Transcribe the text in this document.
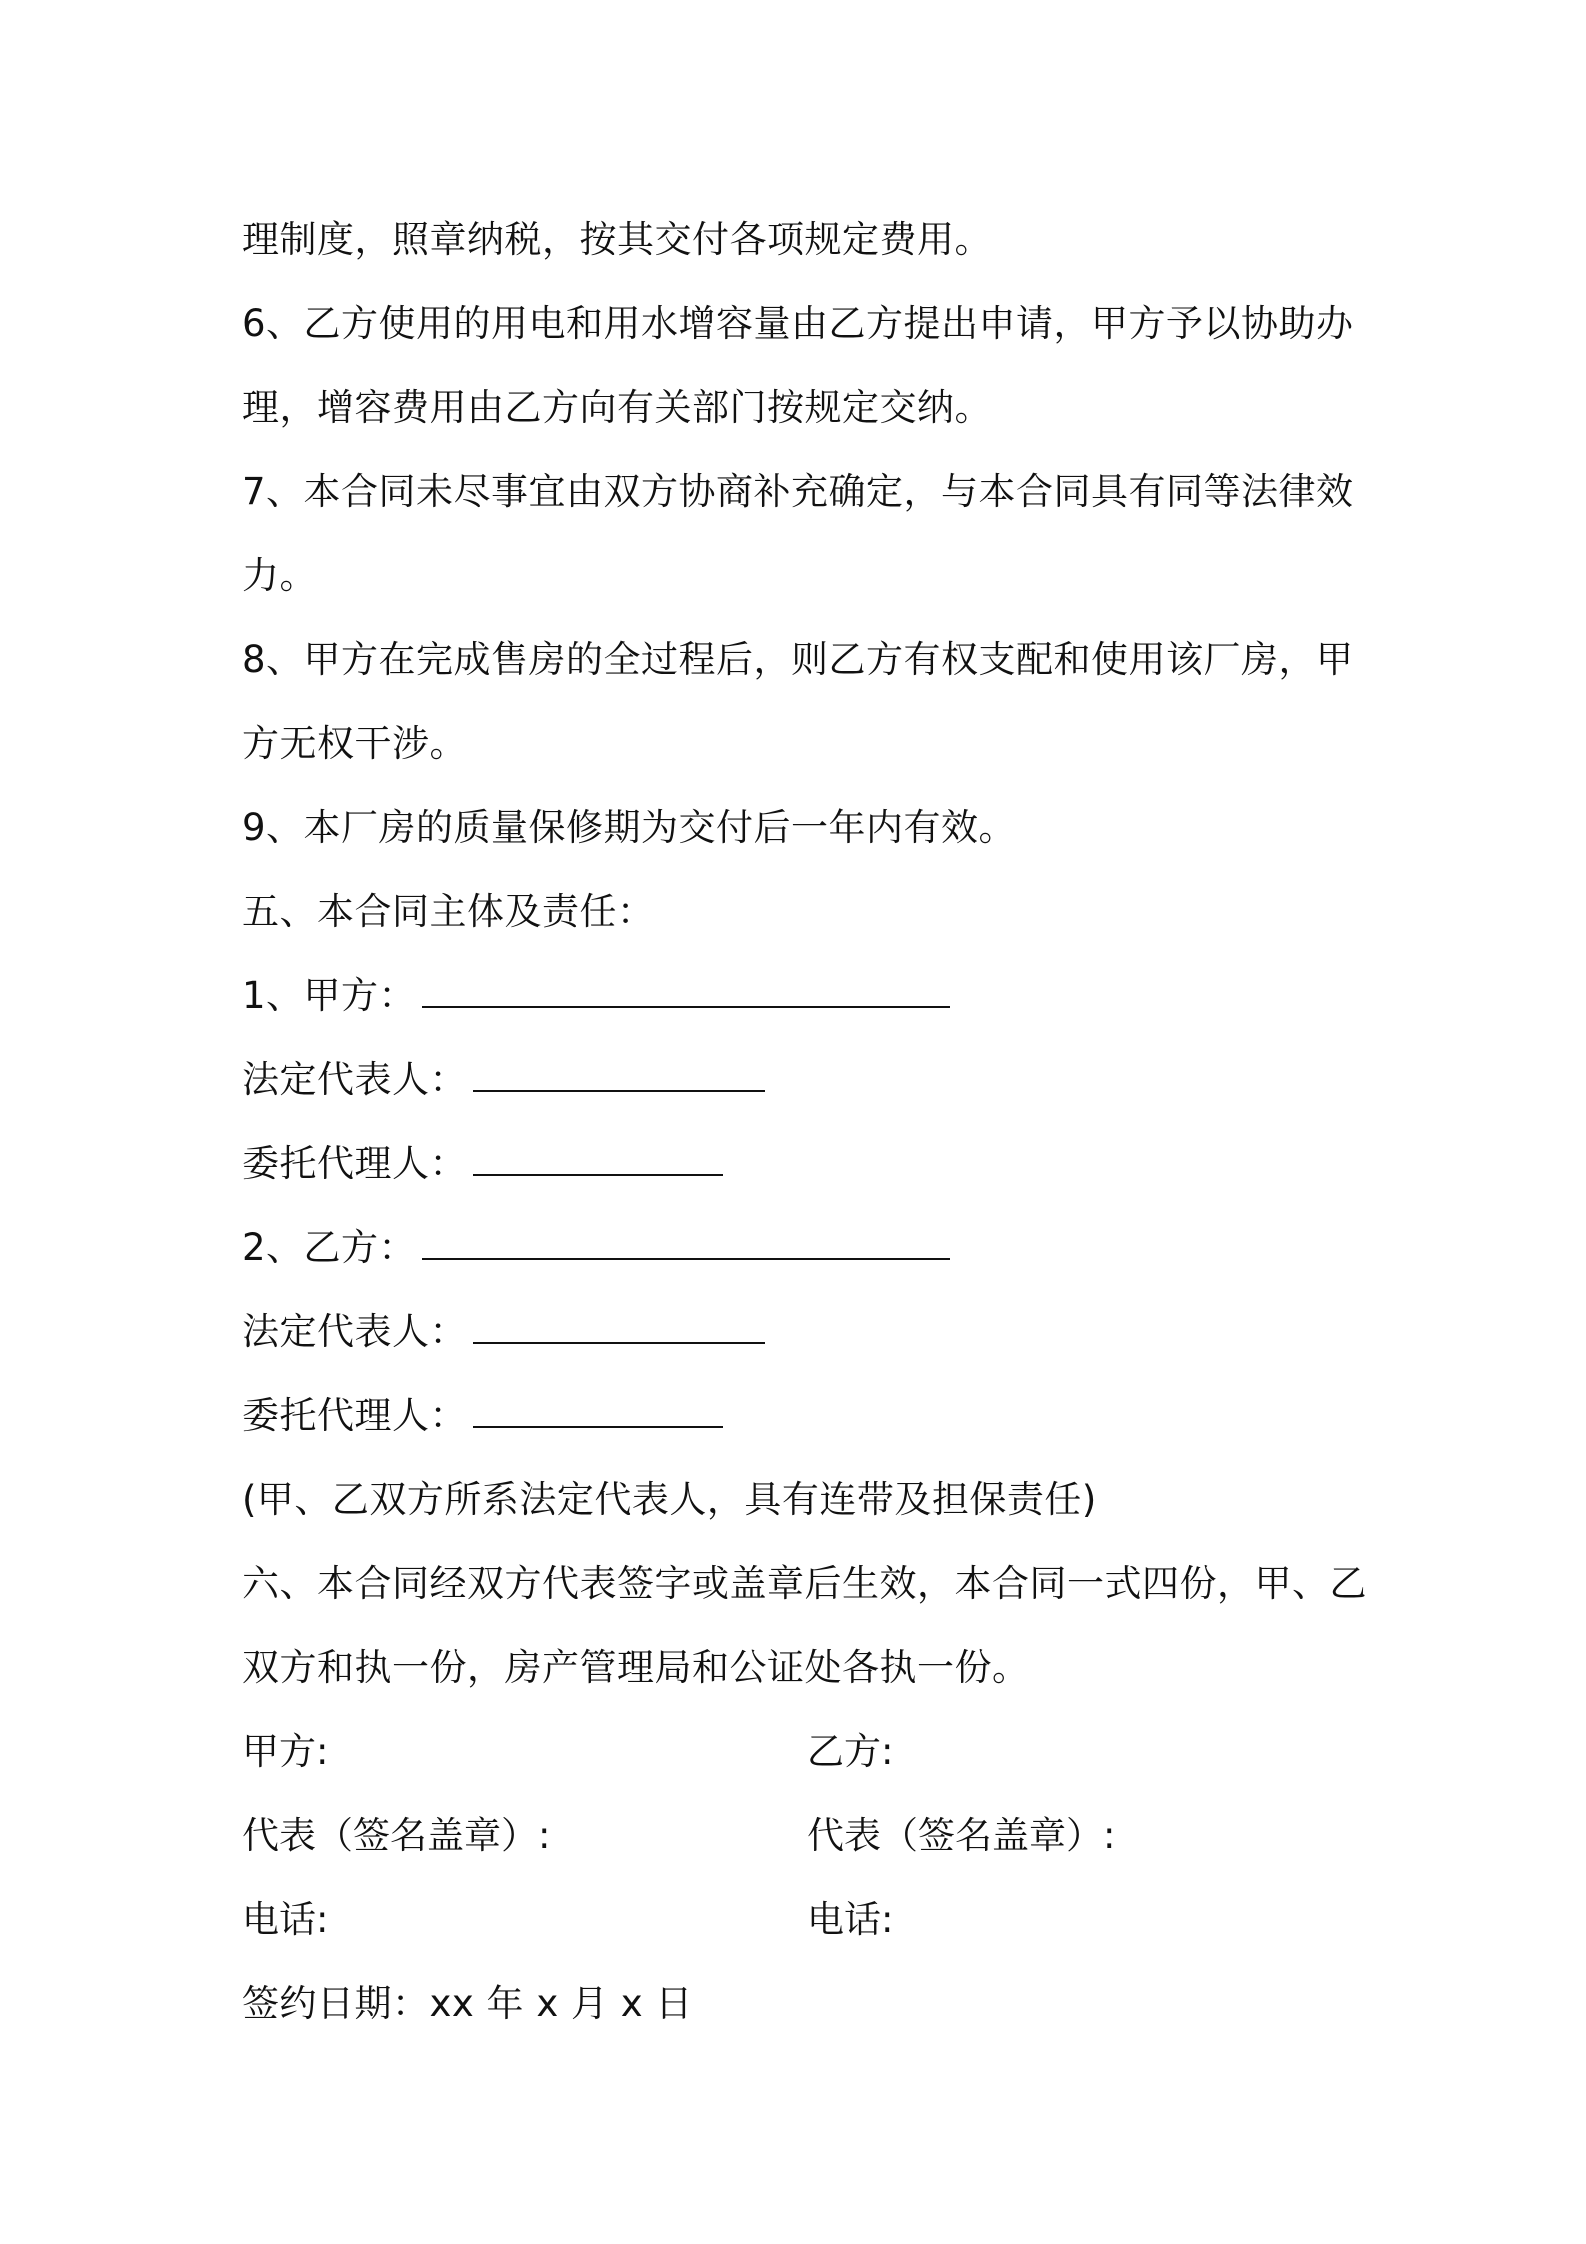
理制度，照章纳税，按其交付各项规定费用。
6、乙方使用的用电和用水增容量由乙方提出申请，甲方予以协助办
理，增容费用由乙方向有关部门按规定交纳。
7、本合同未尽事宜由双方协商补充确定，与本合同具有同等法律效
力。
8、甲方在完成售房的全过程后，则乙方有权支配和使用该厂房，甲
方无权干涉。
9、本厂房的质量保修期为交付后一年内有效。
五、本合同主体及责任：
1、甲方：
法定代表人：
委托代理人：
2、乙方：
法定代表人：
委托代理人：
(甲、乙双方所系法定代表人，具有连带及担保责任)
六、本合同经双方代表签字或盖章后生效，本合同一式四份，甲、乙
双方和执一份，房产管理局和公证处各执一份。
甲方:	乙方:
代表（签名盖章）:	代表（签名盖章）:
电话:	电话:
签约日期：xx 年 x 月 x 日
